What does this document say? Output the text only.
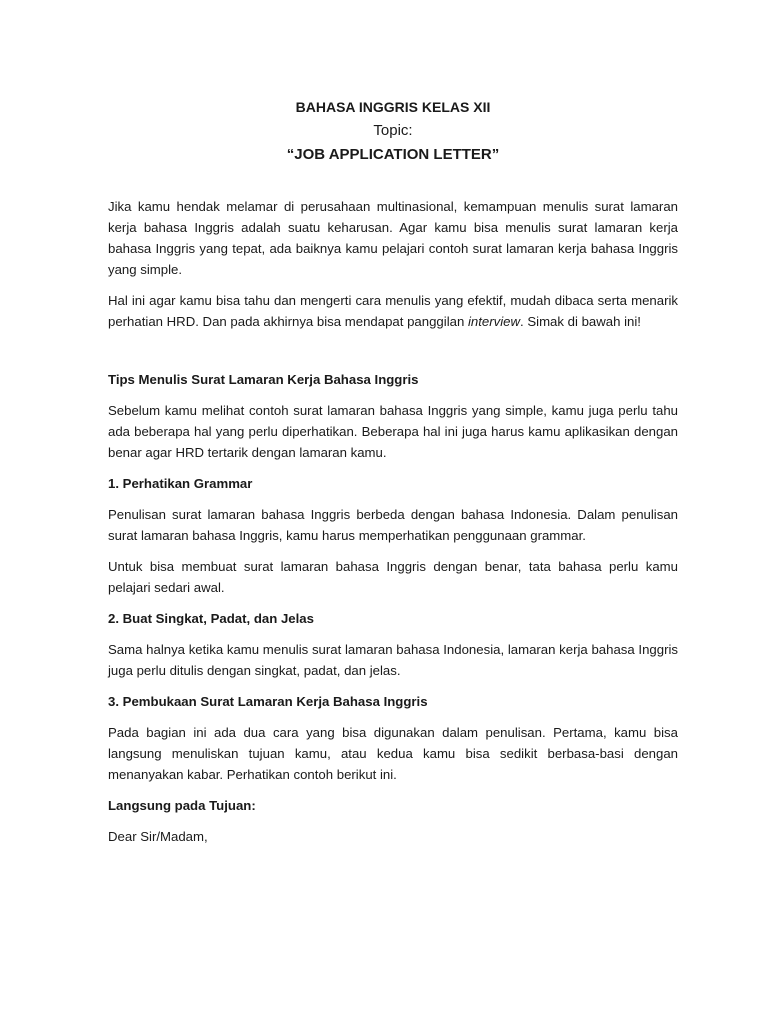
BAHASA INGGRIS KELAS XII
Topic:
“JOB APPLICATION LETTER”

Jika kamu hendak melamar di perusahaan multinasional, kemampuan menulis surat lamaran kerja bahasa Inggris adalah suatu keharusan. Agar kamu bisa menulis surat lamaran kerja bahasa Inggris yang tepat, ada baiknya kamu pelajari contoh surat lamaran kerja bahasa Inggris yang simple.

Hal ini agar kamu bisa tahu dan mengerti cara menulis yang efektif, mudah dibaca serta menarik perhatian HRD. Dan pada akhirnya bisa mendapat panggilan interview. Simak di bawah ini!

Tips Menulis Surat Lamaran Kerja Bahasa Inggris

Sebelum kamu melihat contoh surat lamaran bahasa Inggris yang simple, kamu juga perlu tahu ada beberapa hal yang perlu diperhatikan. Beberapa hal ini juga harus kamu aplikasikan dengan benar agar HRD tertarik dengan lamaran kamu.

1. Perhatikan Grammar

Penulisan surat lamaran bahasa Inggris berbeda dengan bahasa Indonesia. Dalam penulisan surat lamaran bahasa Inggris, kamu harus memperhatikan penggunaan grammar.

Untuk bisa membuat surat lamaran bahasa Inggris dengan benar, tata bahasa perlu kamu pelajari sedari awal.

2. Buat Singkat, Padat, dan Jelas

Sama halnya ketika kamu menulis surat lamaran bahasa Indonesia, lamaran kerja bahasa Inggris juga perlu ditulis dengan singkat, padat, dan jelas.

3. Pembukaan Surat Lamaran Kerja Bahasa Inggris

Pada bagian ini ada dua cara yang bisa digunakan dalam penulisan. Pertama, kamu bisa langsung menuliskan tujuan kamu, atau kedua kamu bisa sedikit berbasa-basi dengan menanyakan kabar. Perhatikan contoh berikut ini.

Langsung pada Tujuan:

Dear Sir/Madam,
